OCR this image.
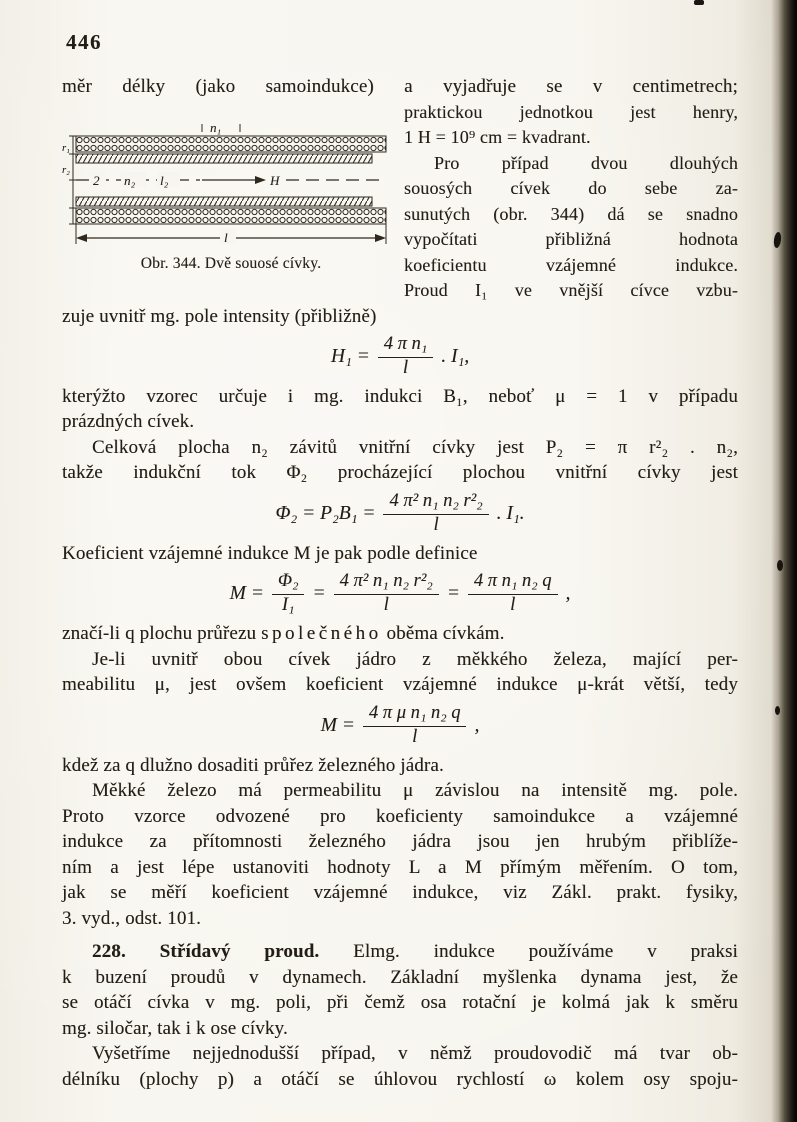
446
měr délky (jako samoindukce) a vyjadřuje se v centimetrech;
n₁
2 n₂ l₂	H
l
r₁
r₂
Obr. 344. Dvě souosé cívky.
praktickou jednotkou jest henry,
1 H = 10⁹ cm = kvadrant.
Pro případ dvou dlouhých
souosých cívek do sebe za-
sunutých (obr. 344) dá se snadno
vypočítati přibližná hodnota
koeficientu vzájemné indukce.
Proud I₁ ve vnější cívce vzbu-
zuje uvnitř mg. pole intensity (přibližně)
$H_1 = \frac{\text{4 π n₁}}{l}$ . I₁,
kterýžto vzorec určuje i mg. indukci B₁, neboť μ = 1 v případu
prázdných cívek.
Celková plocha n₂ závitů vnitřní cívky jest P₂ = π r²₂ . n₂,
takže indukční tok Φ₂ procházející plochou vnitřní cívky jest
$\Phi_2 = P_2B_1 = \frac{\text{4 π² n₁ n₂ r²₂}}{l}$ . I₁.
Koeficient vzájemné indukce M je pak podle definice
$M = \frac{\text{Φ₂}}{\text{I₁}} = \frac{\text{4 π² n₁ n₂ r²₂}}{l} = \frac{\text{4 π n₁ n₂ q}}{l}$ ,
značí-li q plochu průřezu společného oběma cívkám.
Je-li uvnitř obou cívek jádro z měkkého železa, mající per-
meabilitu μ, jest ovšem koeficient vzájemné indukce μ-krát větší, tedy
$M = \frac{\text{4 π μ n₁ n₂ q}}{l}$ ,
kdež za q dlužno dosaditi průřez železného jádra.
Měkké železo má permeabilitu μ závislou na intensitě mg. pole.
Proto vzorce odvozené pro koeficienty samoindukce a vzájemné
indukce za přítomnosti železného jádra jsou jen hrubým přiblíže-
ním a jest lépe ustanoviti hodnoty L a M přímým měřením. O tom,
jak se měří koeficient vzájemné indukce, viz Zákl. prakt. fysiky,
3. vyd., odst. 101.
228. Střídavý proud. Elmg. indukce používáme v praksi
k buzení proudů v dynamech. Základní myšlenka dynama jest, že
se otáčí cívka v mg. poli, při čemž osa rotační je kolmá jak k směru
mg. siločar, tak i k ose cívky.
Vyšetříme nejjednodušší případ, v němž proudovodič má tvar ob-
délníku (plochy p) a otáčí se úhlovou rychlostí ω kolem osy spoju-
